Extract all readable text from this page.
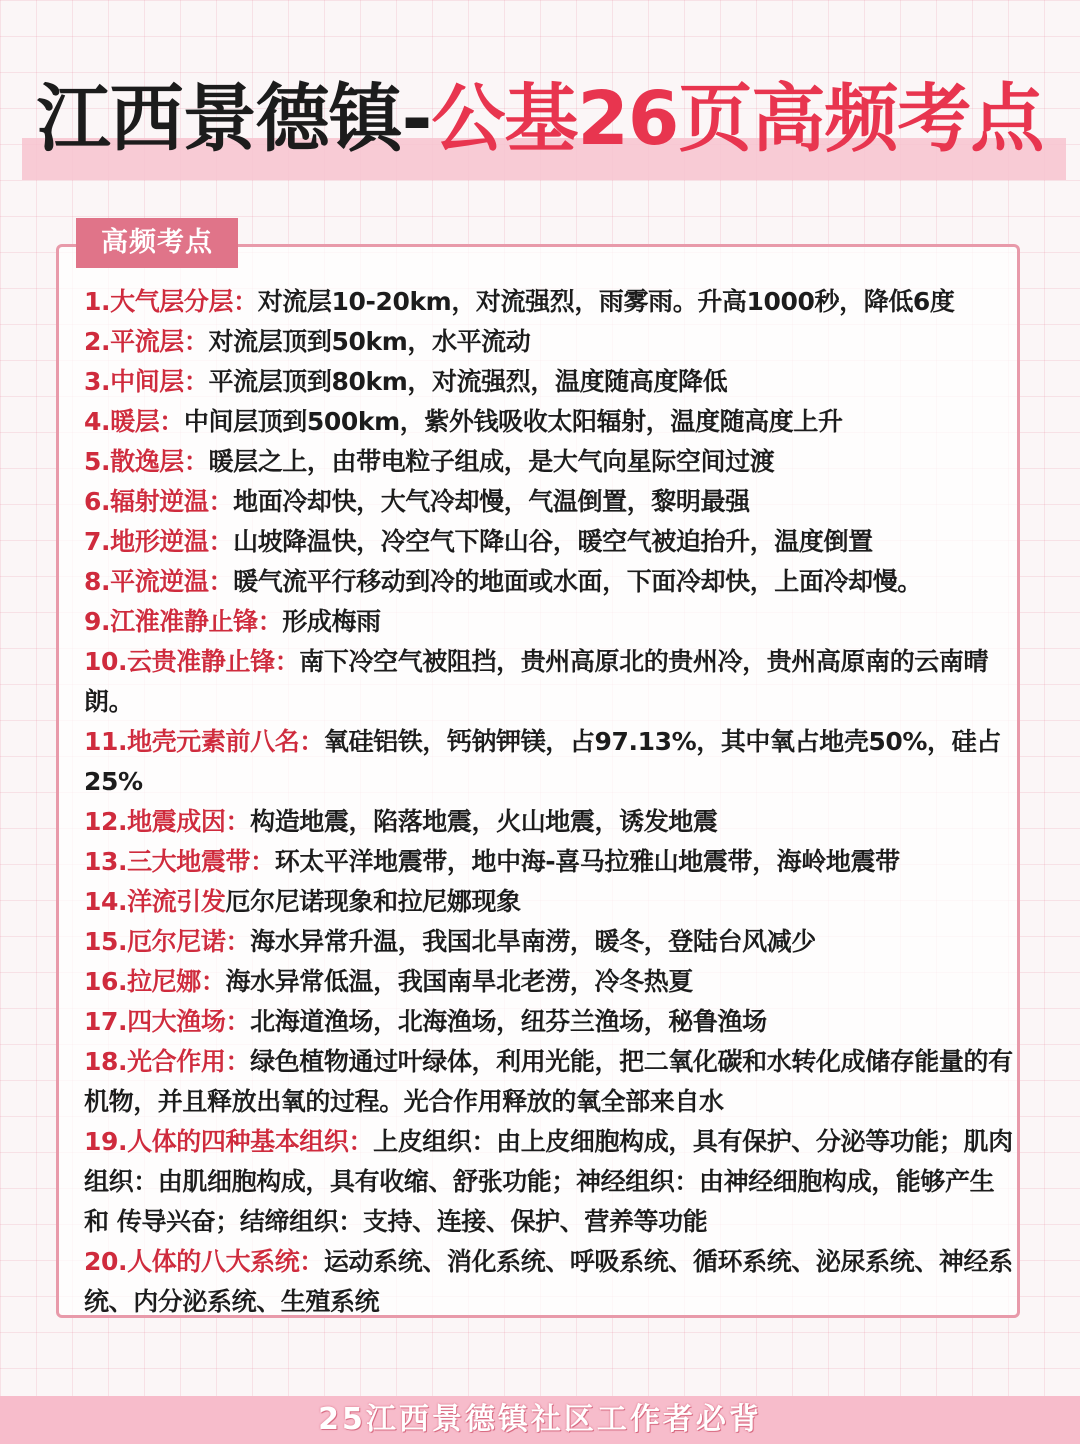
江西景德镇-公基26页高频考点
高频考点
1.大气层分层：对流层10-20km，对流强烈，雨雾雨。升高1000秒，降低6度
2.平流层：对流层顶到50km，水平流动
3.中间层：平流层顶到80km，对流强烈，温度随高度降低
4.暖层：中间层顶到500km，紫外钱吸收太阳辐射，温度随高度上升
5.散逸层：暖层之上，由带电粒子组成，是大气向星际空间过渡
6.辐射逆温：地面冷却快，大气冷却慢，气温倒置，黎明最强
7.地形逆温：山坡降温快，冷空气下降山谷，暖空气被迫抬升，温度倒置
8.平流逆温：暖气流平行移动到冷的地面或水面，下面冷却快，上面冷却慢。
9.江淮准静止锋：形成梅雨
10.云贵准静止锋：南下冷空气被阻挡，贵州高原北的贵州冷，贵州高原南的云南晴朗。
11.地壳元素前八名：氧硅铝铁，钙钠钾镁，占97.13%，其中氧占地壳50%，硅占25%
12.地震成因：构造地震，陷落地震，火山地震，诱发地震
13.三大地震带：环太平洋地震带，地中海-喜马拉雅山地震带，海岭地震带
14.洋流引发厄尔尼诺现象和拉尼娜现象
15.厄尔尼诺：海水异常升温，我国北旱南涝，暖冬，登陆台风减少
16.拉尼娜：海水异常低温，我国南旱北老涝，冷冬热夏
17.四大渔场：北海道渔场，北海渔场，纽芬兰渔场，秘鲁渔场
18.光合作用：绿色植物通过叶绿体，利用光能，把二氧化碳和水转化成储存能量的有机物，并且释放出氧的过程。光合作用释放的氧全部来自水
19.人体的四种基本组织：上皮组织：由上皮细胞构成，具有保护、分泌等功能；肌肉组织：由肌细胞构成，具有收缩、舒张功能；神经组织：由神经细胞构成，能够产生和 传导兴奋；结缔组织：支持、连接、保护、营养等功能
20.人体的八大系统：运动系统、消化系统、呼吸系统、循环系统、泌尿系统、神经系统、内分泌系统、生殖系统
25江西景德镇社区工作者必背
